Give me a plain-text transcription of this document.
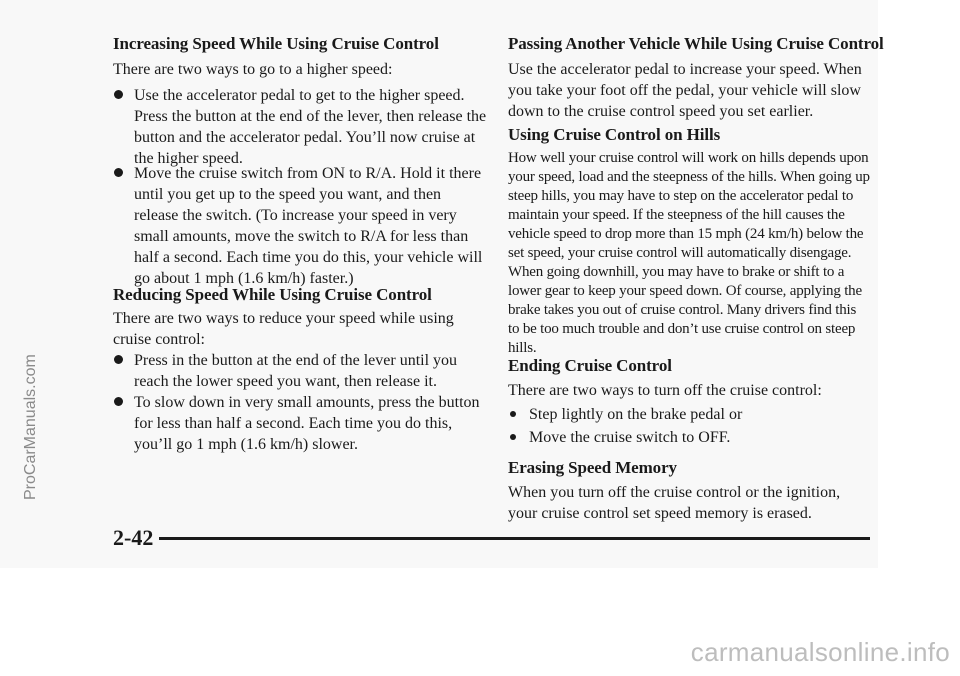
Increasing Speed While Using Cruise Control

There are two ways to go to a higher speed:

Use the accelerator pedal to get to the higher speed. Press the button at the end of the lever, then release the button and the accelerator pedal. You’ll now cruise at the higher speed.
Move the cruise switch from ON to R/A. Hold it there until you get up to the speed you want, and then release the switch. (To increase your speed in very small amounts, move the switch to R/A for less than half a second. Each time you do this, your vehicle will go about 1 mph (1.6 km/h) faster.)
Reducing Speed While Using Cruise Control

There are two ways to reduce your speed while using cruise control:

Press in the button at the end of the lever until you reach the lower speed you want, then release it.
To slow down in very small amounts, press the button for less than half a second. Each time you do this, you’ll go 1 mph (1.6 km/h) slower.
Passing Another Vehicle While Using Cruise Control

Use the accelerator pedal to increase your speed. When you take your foot off the pedal, your vehicle will slow down to the cruise control speed you set earlier.

Using Cruise Control on Hills

How well your cruise control will work on hills depends upon your speed, load and the steepness of the hills. When going up steep hills, you may have to step on the accelerator pedal to maintain your speed. If the steepness of the hill causes the vehicle speed to drop more than 15 mph (24 km/h) below the set speed, your cruise control will automatically disengage. When going downhill, you may have to brake or shift to a lower gear to keep your speed down. Of course, applying the brake takes you out of cruise control. Many drivers find this to be too much trouble and don’t use cruise control on steep hills.

Ending Cruise Control

There are two ways to turn off the cruise control:

Step lightly on the brake pedal or
Move the cruise switch to OFF.
Erasing Speed Memory

When you turn off the cruise control or the ignition, your cruise control set speed memory is erased.

2-42
ProCarManuals.com
carmanualsonline.info
